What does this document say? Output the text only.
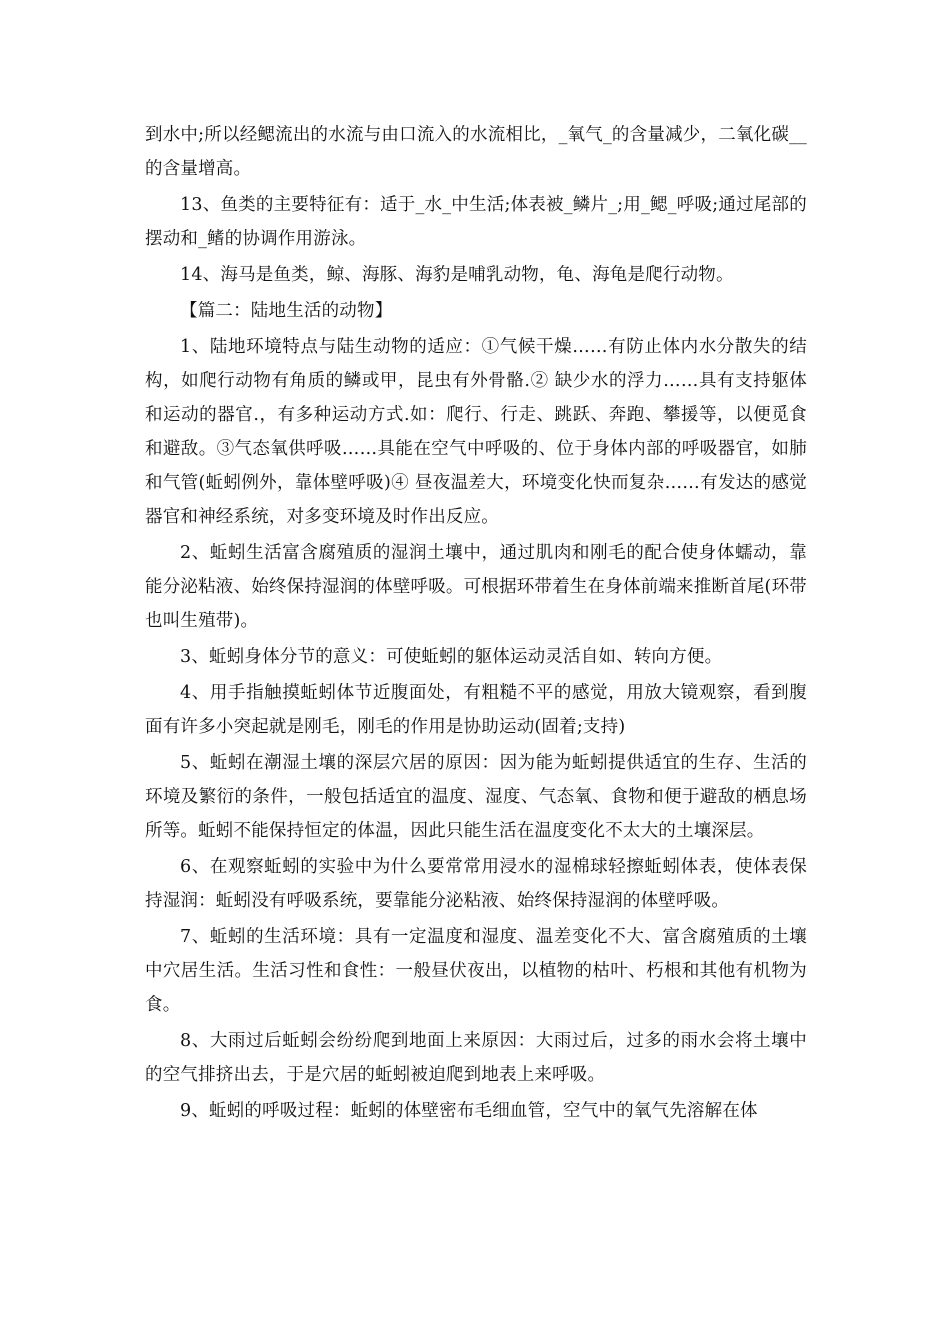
到水中;所以经鳃流出的水流与由口流入的水流相比，_氧气_的含量减少，二氧化碳__的含量增高。

13、鱼类的主要特征有：适于_水_中生活;体表被_鳞片_;用_鳃_呼吸;通过尾部的摆动和_鳍的协调作用游泳。

14、海马是鱼类，鲸、海豚、海豹是哺乳动物，龟、海龟是爬行动物。

【篇二：陆地生活的动物】

1、陆地环境特点与陆生动物的适应：①气候干燥……有防止体内水分散失的结构，如爬行动物有角质的鳞或甲，昆虫有外骨骼.② 缺少水的浮力……具有支持躯体和运动的器官.，有多种运动方式.如：爬行、行走、跳跃、奔跑、攀援等，以便觅食和避敌。③气态氧供呼吸……具能在空气中呼吸的、位于身体内部的呼吸器官，如肺和气管(蚯蚓例外，靠体壁呼吸)④ 昼夜温差大，环境变化快而复杂……有发达的感觉器官和神经系统，对多变环境及时作出反应。

2、蚯蚓生活富含腐殖质的湿润土壤中，通过肌肉和刚毛的配合使身体蠕动，靠能分泌粘液、始终保持湿润的体壁呼吸。可根据环带着生在身体前端来推断首尾(环带也叫生殖带)。

3、蚯蚓身体分节的意义：可使蚯蚓的躯体运动灵活自如、转向方便。

4、用手指触摸蚯蚓体节近腹面处，有粗糙不平的感觉，用放大镜观察，看到腹面有许多小突起就是刚毛，刚毛的作用是协助运动(固着;支持)

5、蚯蚓在潮湿土壤的深层穴居的原因：因为能为蚯蚓提供适宜的生存、生活的环境及繁衍的条件，一般包括适宜的温度、湿度、气态氧、食物和便于避敌的栖息场所等。蚯蚓不能保持恒定的体温，因此只能生活在温度变化不太大的土壤深层。

6、在观察蚯蚓的实验中为什么要常常用浸水的湿棉球轻擦蚯蚓体表，使体表保持湿润：蚯蚓没有呼吸系统，要靠能分泌粘液、始终保持湿润的体壁呼吸。

7、蚯蚓的生活环境：具有一定温度和湿度、温差变化不大、富含腐殖质的土壤中穴居生活。生活习性和食性：一般昼伏夜出，以植物的枯叶、朽根和其他有机物为食。

8、大雨过后蚯蚓会纷纷爬到地面上来原因：大雨过后，过多的雨水会将土壤中的空气排挤出去，于是穴居的蚯蚓被迫爬到地表上来呼吸。

9、蚯蚓的呼吸过程：蚯蚓的体壁密布毛细血管，空气中的氧气先溶解在体
